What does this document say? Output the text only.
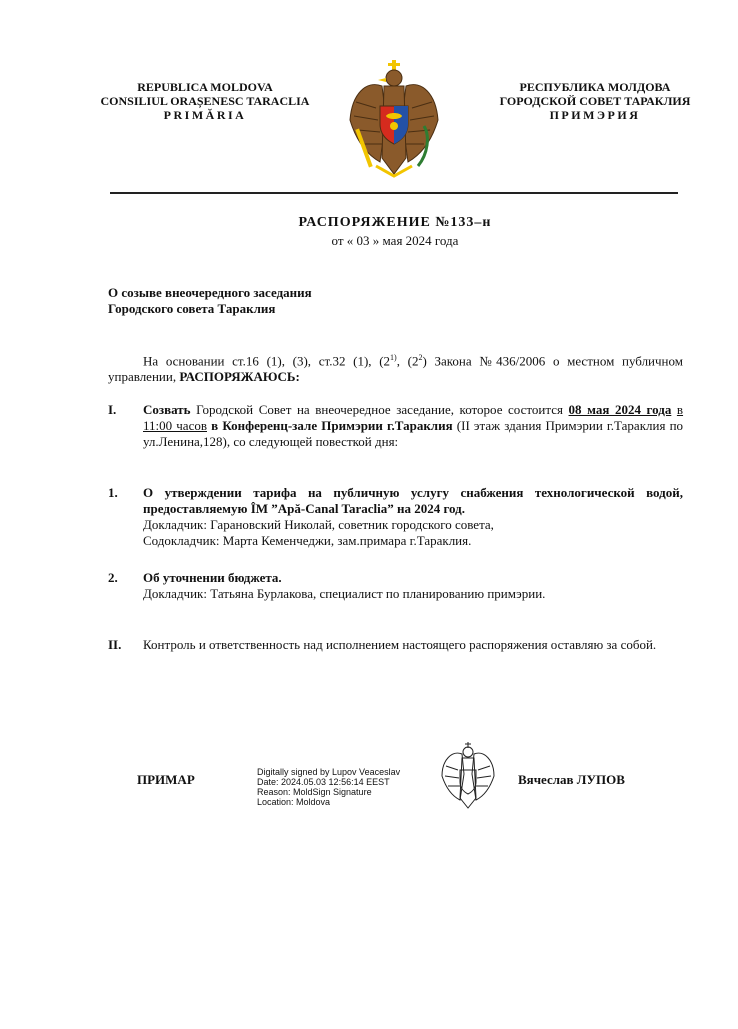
REPUBLICA MOLDOVA
CONSILIUL ORAȘENESC TARACLIA
PRIMĂRIA
РЕСПУБЛИКА МОЛДОВА
ГОРОДСКОЙ СОВЕТ ТАРАКЛИЯ
ПРИМЭРИЯ
РАСПОРЯЖЕНИЕ №133–н
от « 03 » мая 2024 года
О созыве внеочередного заседания
Городского совета Тараклия
На основании ст.16 (1), (3), ст.32 (1), (2$^{1)}$, $(2^2)$ Закона №436/2006 о местном публичном управлении, РАСПОРЯЖАЮСЬ:
I. Созвать Городской Совет на внеочередное заседание, которое состоится 08 мая 2024 года в 11:00 часов в Конференц-зале Примэрии г.Тараклия (II этаж здания Примэрии г.Тараклия по ул.Ленина,128), со следующей повесткой дня:
1. О утверждении тарифа на публичную услугу снабжения технологической водой, предоставляемую ÎM ”Apă-Canal Taraclia” на 2024 год.
Докладчик: Гарановский Николай, советник городского совета,
Содокладчик: Марта Кеменчеджи, зам.примара г.Тараклия.
2. Об уточнении бюджета.
Докладчик: Татьяна Бурлакова, специалист по планированию примэрии.
II. Контроль и ответственность над исполнением настоящего распоряжения оставляю за собой.
ПРИМАР	Digitally signed by Lupov Veaceslav
Date: 2024.05.03 12:56:14 EEST
Reason: MoldSign Signature
Location: Moldova
Вячеслав ЛУПОВ
